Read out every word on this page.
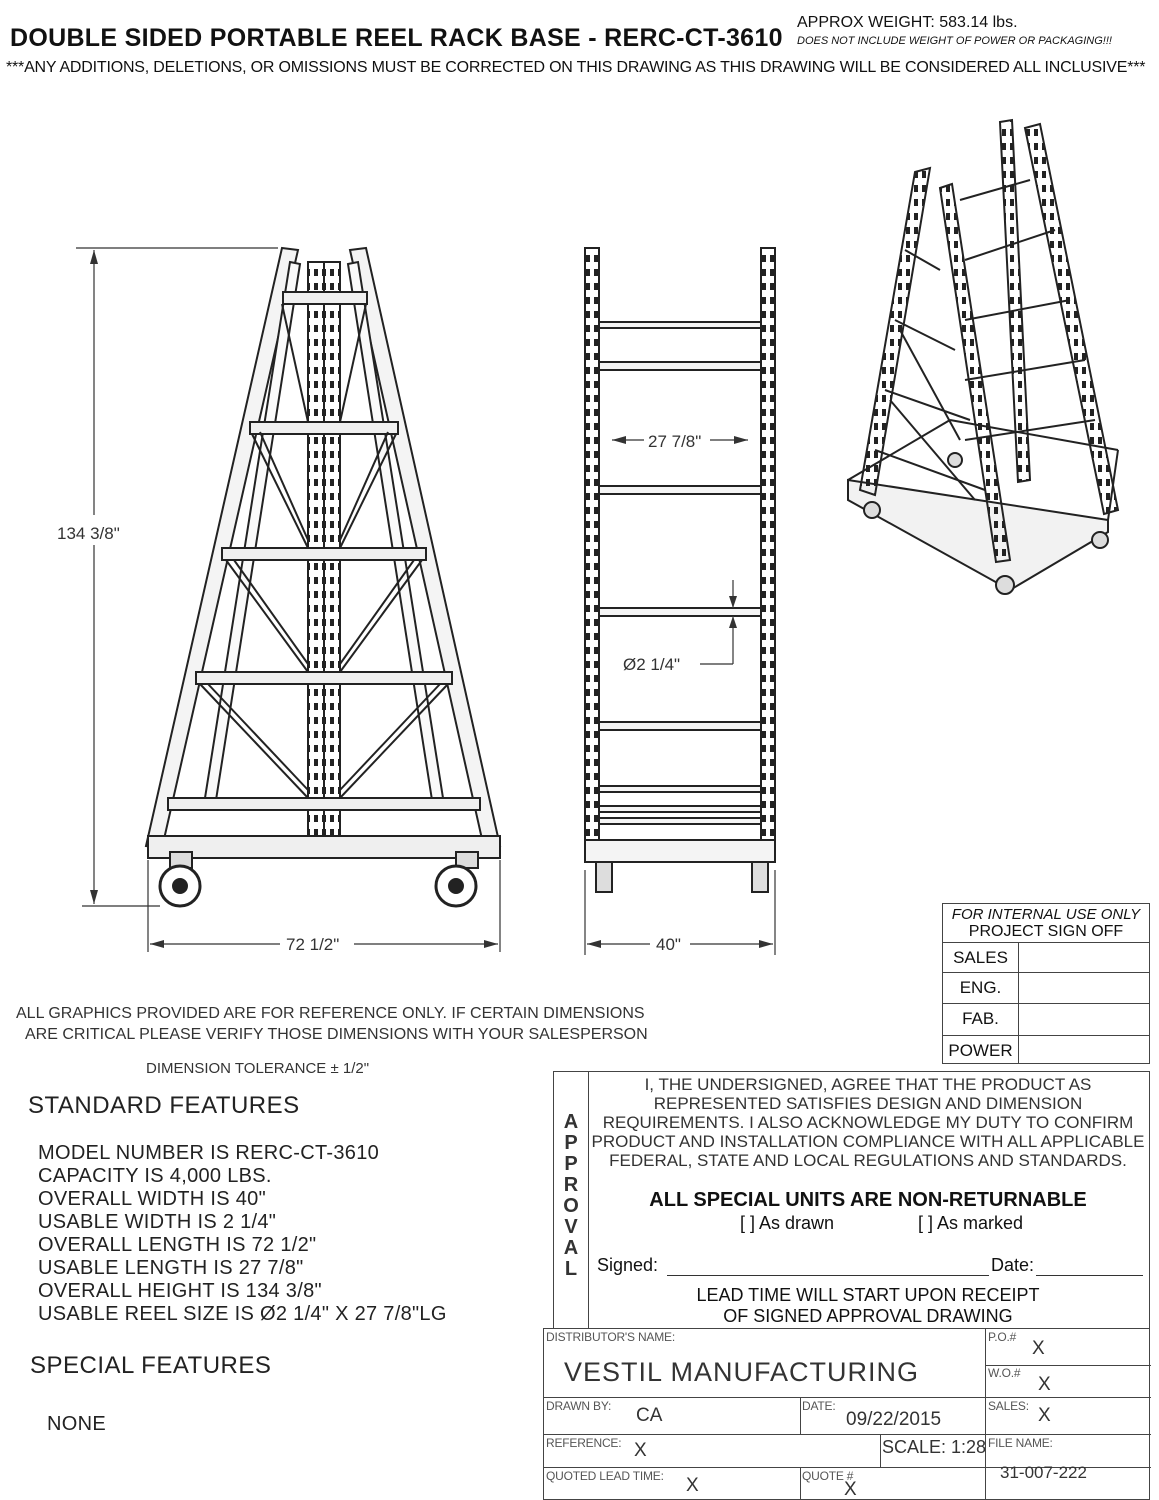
DOUBLE SIDED PORTABLE REEL RACK BASE - RERC-CT-3610
APPROX WEIGHT: 583.14 lbs.
DOES NOT INCLUDE WEIGHT OF POWER OR PACKAGING!!!
***ANY ADDITIONS, DELETIONS, OR OMISSIONS MUST BE CORRECTED ON THIS DRAWING AS THIS DRAWING WILL BE CONSIDERED ALL INCLUSIVE***
134 3/8"
72 1/2"	40"
27 7/8"
Ø2 1/4"
ALL GRAPHICS PROVIDED ARE FOR REFERENCE ONLY. IF CERTAIN DIMENSIONS
ARE CRITICAL PLEASE VERIFY THOSE DIMENSIONS WITH YOUR SALESPERSON
DIMENSION TOLERANCE ± 1/2"
STANDARD FEATURES
MODEL NUMBER IS RERC-CT-3610
CAPACITY IS 4,000 LBS.
OVERALL WIDTH IS 40"
USABLE WIDTH IS 2 1/4"
OVERALL LENGTH IS 72 1/2"
USABLE LENGTH IS 27 7/8"
OVERALL HEIGHT IS 134 3/8"
USABLE REEL SIZE IS Ø2 1/4" X 27 7/8"LG
SPECIAL FEATURES
NONE
FOR INTERNAL USE ONLY
PROJECT SIGN OFF
SALES
ENG.
FAB.
POWER
A
P
P
R
O
V
A
L
I, THE UNDERSIGNED, AGREE THAT THE PRODUCT AS REPRESENTED SATISFIES DESIGN AND DIMENSION REQUIREMENTS. I ALSO ACKNOWLEDGE MY DUTY TO CONFIRM PRODUCT AND INSTALLATION COMPLIANCE WITH ALL APPLICABLE FEDERAL, STATE AND LOCAL REGULATIONS AND STANDARDS.
ALL SPECIAL UNITS ARE NON-RETURNABLE
[ ] As drawn	[ ] As marked
Signed:	Date:
LEAD TIME WILL START UPON RECEIPT
OF SIGNED APPROVAL DRAWING
DISTRIBUTOR'S NAME:
VESTIL MANUFACTURING
P.O.#
X
W.O.#
X
DRAWN BY: CA	DATE:
09/22/2015
SALES: X
REFERENCE: X	SCALE: 1:28 FILE NAME:
31-007-222
QUOTED LEAD TIME: X	QUOTE #
X
